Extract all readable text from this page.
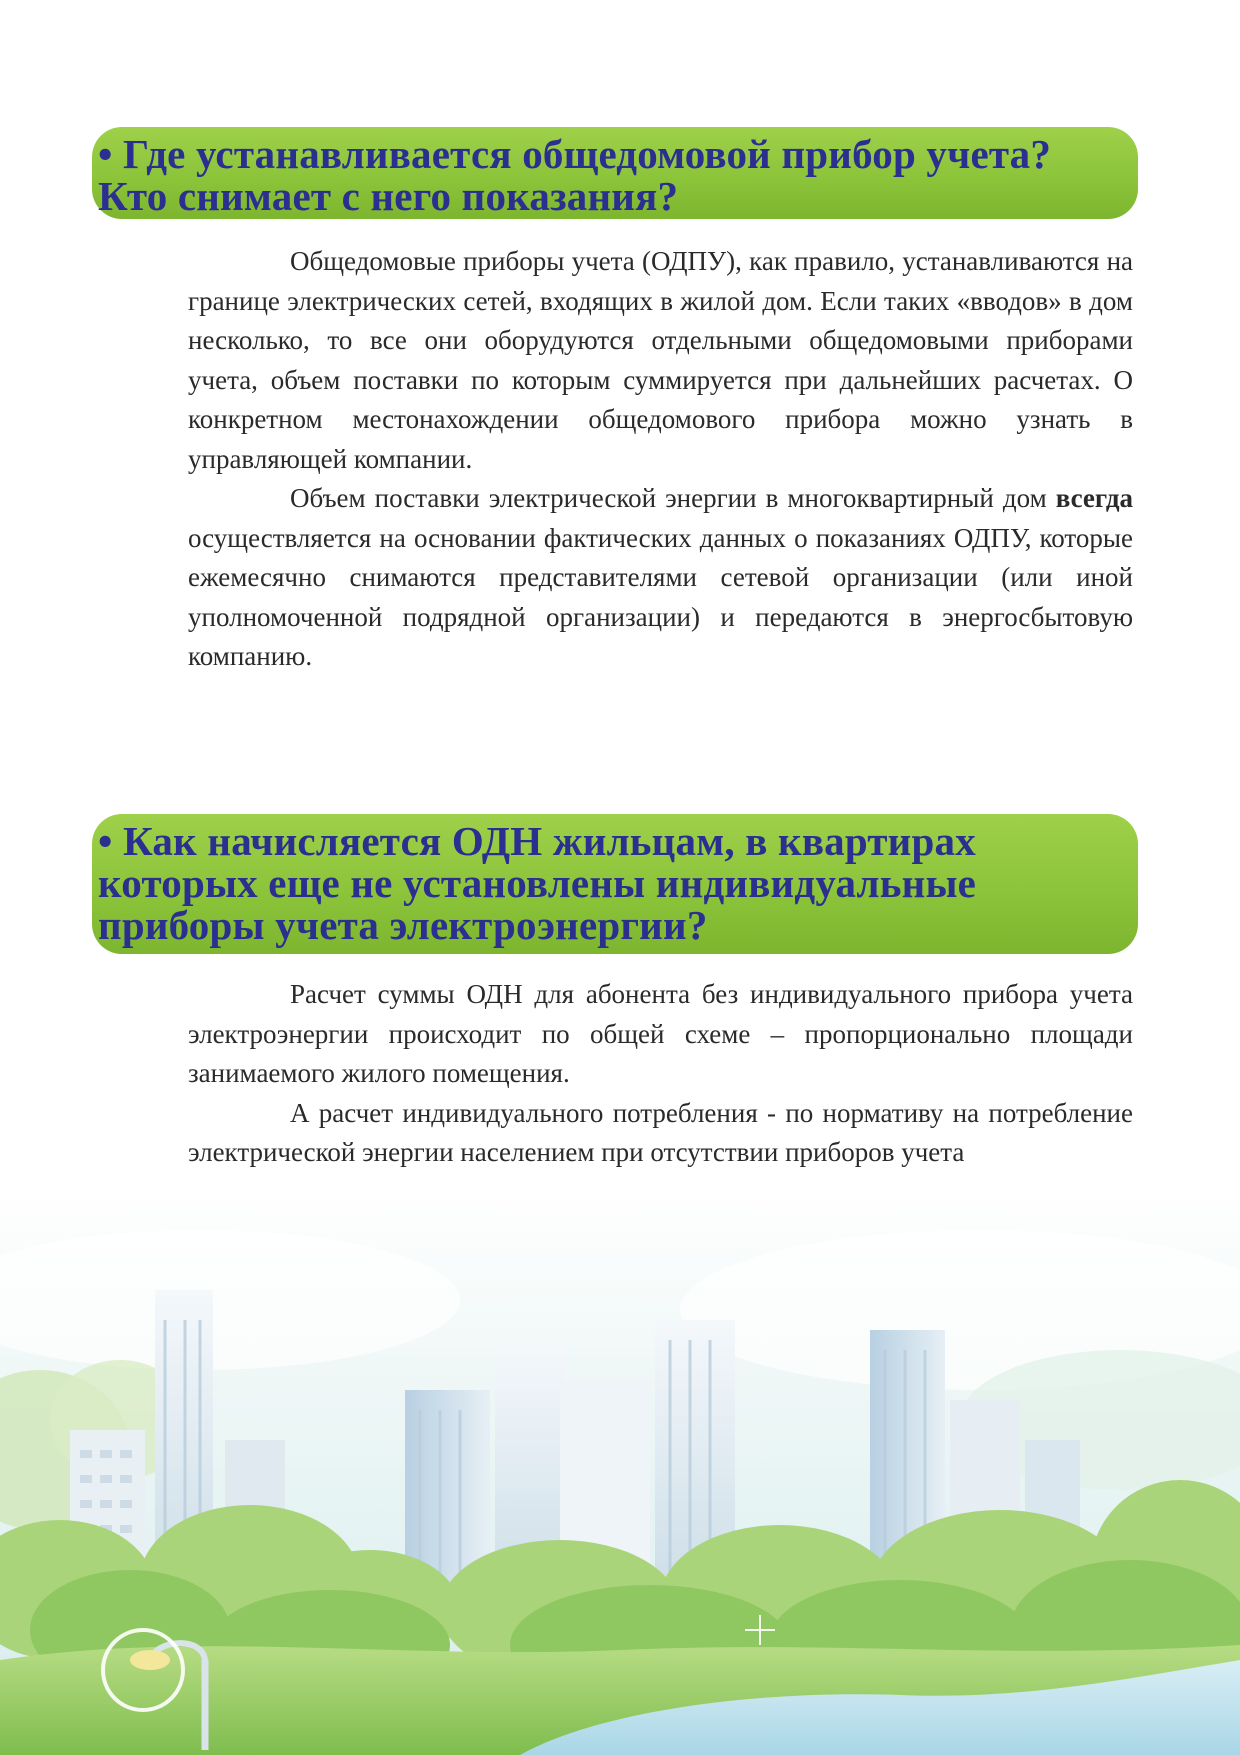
• Где устанавливается общедомовой прибор учета? Кто снимает с него показания?

Общедомовые приборы учета (ОДПУ), как правило, устанавливаются на границе электрических сетей, входящих в жилой дом. Если таких «вводов» в дом несколько, то все они оборудуются отдельными общедомовыми приборами учета, объем поставки по которым суммируется при дальнейших расчетах. О конкретном местонахождении общедомового прибора можно узнать в управляющей компании.

Объем поставки электрической энергии в многоквартирный дом всегда осуществляется на основании фактических данных о показаниях ОДПУ, которые ежемесячно снимаются представителями сетевой организации (или иной уполномоченной подрядной организации) и передаются в энергосбытовую компанию.

• Как начисляется ОДН жильцам, в квартирах которых еще не установлены индивидуальные приборы учета электроэнергии?

Расчет суммы ОДН для абонента без индивидуального прибора учета электроэнергии происходит по общей схеме – пропорционально площади занимаемого жилого помещения.

А расчет индивидуального потребления - по нормативу на потребление электрической энергии населением при отсутствии приборов учета
